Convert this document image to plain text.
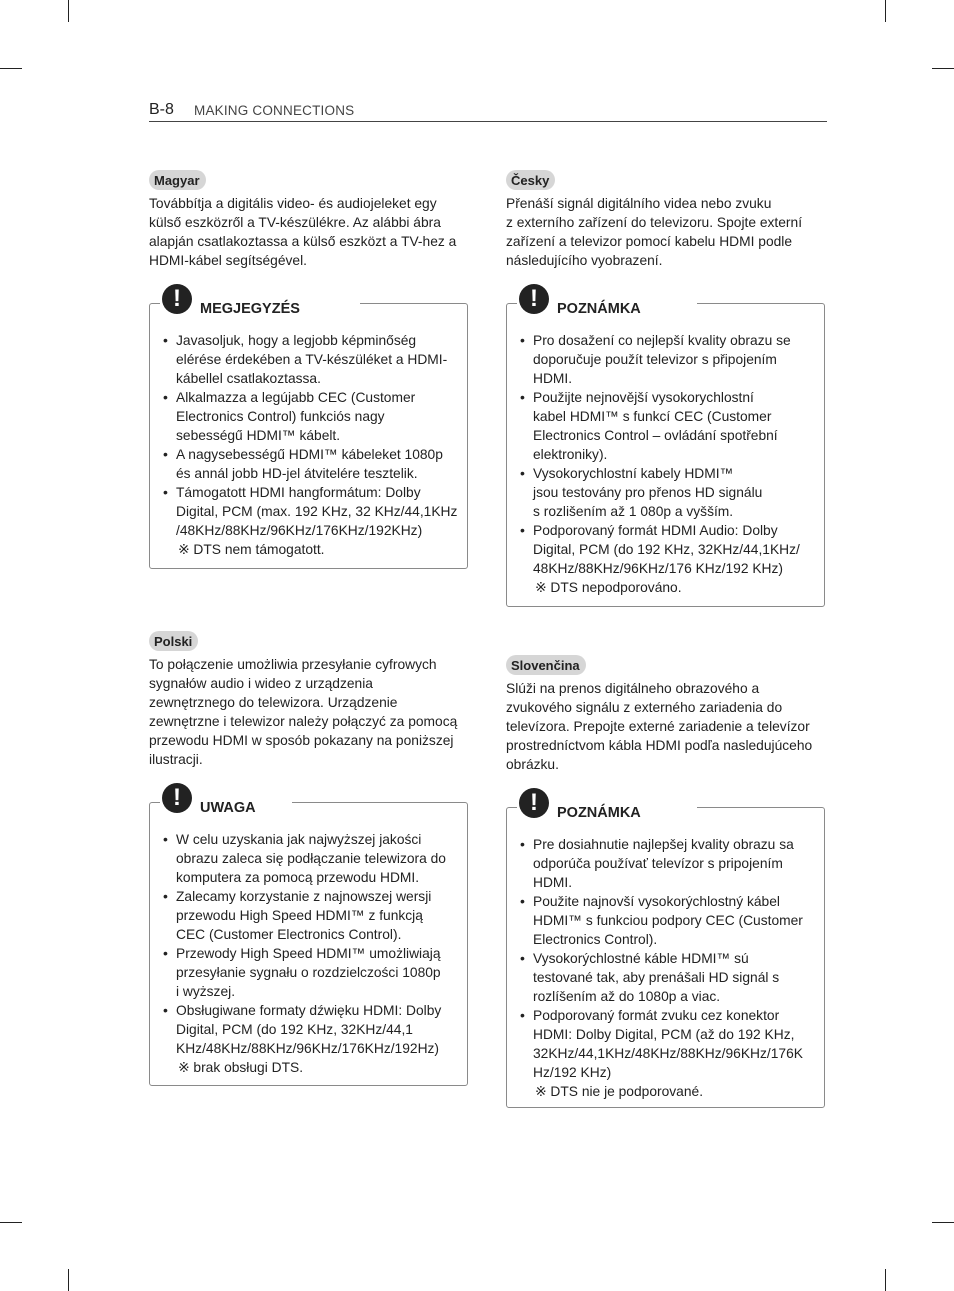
B-8 MAKING CONNECTIONS
Magyar
Továbbítja a digitális video- és audiojeleket egy
külső eszközről a TV-készülékre. Az alábbi ábra
alapján csatlakoztassa a külső eszközt a TV-hez a
HDMI-kábel segítségével.
!	MEGJEGYZÉS
• Javasoljuk, hogy a legjobb képminőség
elérése érdekében a TV-készüléket a HDMI-
kábellel csatlakoztassa.
• Alkalmazza a legújabb CEC (Customer
Electronics Control) funkciós nagy
sebességű HDMI™ kábelt.
• A nagysebességű HDMI™ kábeleket 1080p
és annál jobb HD-jel átvitelére tesztelik.
• Támogatott HDMI hangformátum: Dolby
Digital, PCM (max. 192 KHz, 32 KHz/44,1KHz
/48KHz/88KHz/96KHz/176KHz/192KHz)
※ DTS nem támogatott.
Česky
Přenáší signál digitálního videa nebo zvuku
z externího zařízení do televizoru. Spojte externí
zařízení a televizor pomocí kabelu HDMI podle
následujícího vyobrazení.
!	POZNÁMKA
• Pro dosažení co nejlepší kvality obrazu se
doporučuje použít televizor s připojením
HDMI.
• Použijte nejnovější vysokorychlostní
kabel HDMI™ s funkcí CEC (Customer
Electronics Control – ovládání spotřební
elektroniky).
• Vysokorychlostní kabely HDMI™
jsou testovány pro přenos HD signálu
s rozlišením až 1 080p a vyšším.
• Podporovaný formát HDMI Audio: Dolby
Digital, PCM (do 192 KHz, 32KHz/44,1KHz/
48KHz/88KHz/96KHz/176 KHz/192 KHz)
※ DTS nepodporováno.
Polski
To połączenie umożliwia przesyłanie cyfrowych
sygnałów audio i wideo z urządzenia
zewnętrznego do telewizora. Urządzenie
zewnętrzne i telewizor należy połączyć za pomocą
przewodu HDMI w sposób pokazany na poniższej
ilustracji.
!	UWAGA
• W celu uzyskania jak najwyższej jakości
obrazu zaleca się podłączanie telewizora do
komputera za pomocą przewodu HDMI.
• Zalecamy korzystanie z najnowszej wersji
przewodu High Speed HDMI™ z funkcją
CEC (Customer Electronics Control).
• Przewody High Speed HDMI™ umożliwiają
przesyłanie sygnału o rozdzielczości 1080p
i wyższej.
• Obsługiwane formaty dźwięku HDMI: Dolby
Digital, PCM (do 192 KHz, 32KHz/44,1
KHz/48KHz/88KHz/96KHz/176KHz/192Hz)
※ brak obsługi DTS.
Slovenčina
Slúži na prenos digitálneho obrazového a
zvukového signálu z externého zariadenia do
televízora. Prepojte externé zariadenie a televízor
prostredníctvom kábla HDMI podľa nasledujúceho
obrázku.
!	POZNÁMKA
• Pre dosiahnutie najlepšej kvality obrazu sa
odporúča používať televízor s pripojením
HDMI.
• Použite najnovší vysokorýchlostný kábel
HDMI™ s funkciou podpory CEC (Customer
Electronics Control).
• Vysokorýchlostné káble HDMI™ sú
testované tak, aby prenášali HD signál s
rozlíšením až do 1080p a viac.
• Podporovaný formát zvuku cez konektor
HDMI: Dolby Digital, PCM (až do 192 KHz,
32KHz/44,1KHz/48KHz/88KHz/96KHz/176K
Hz/192 KHz)
※ DTS nie je podporované.
